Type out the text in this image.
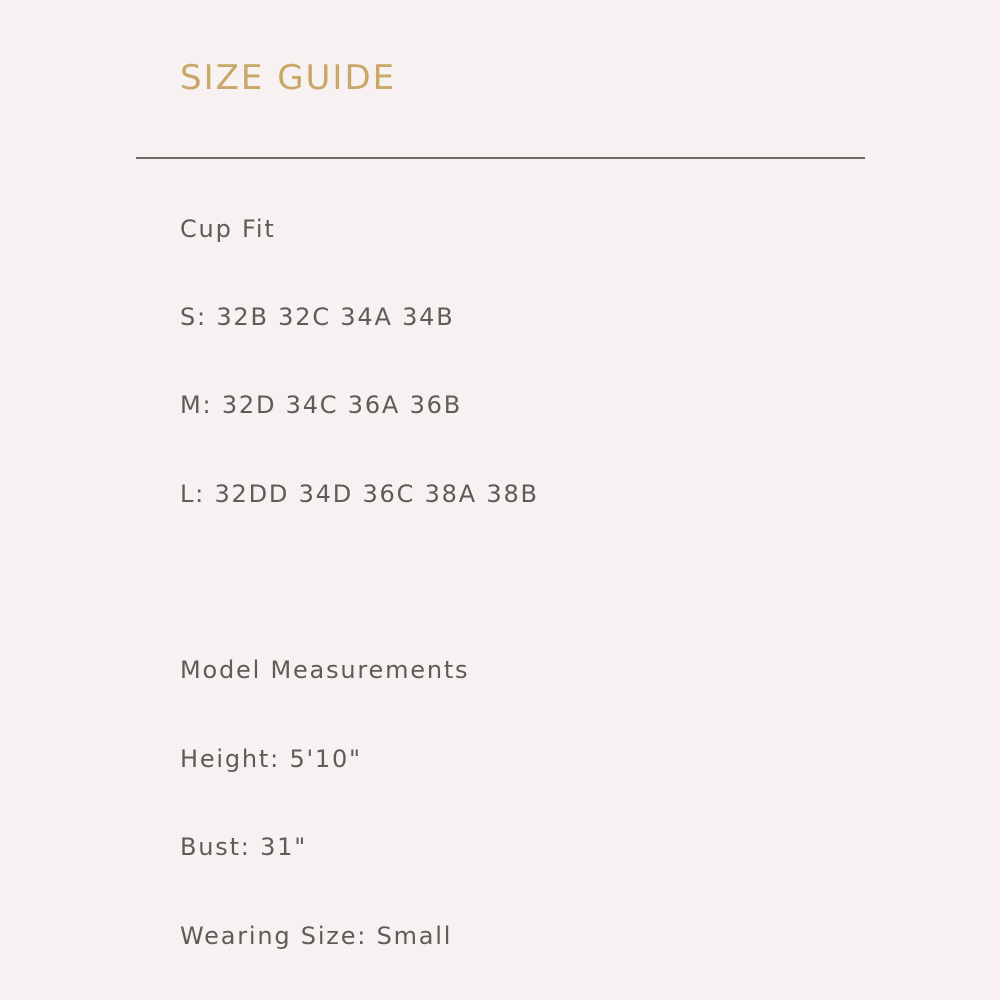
SIZE GUIDE

Cup Fit

S: 32B 32C 34A 34B

M: 32D 34C 36A 36B

L: 32DD 34D 36C 38A 38B

Model Measurements

Height: 5'10"

Bust: 31"

Wearing Size: Small
